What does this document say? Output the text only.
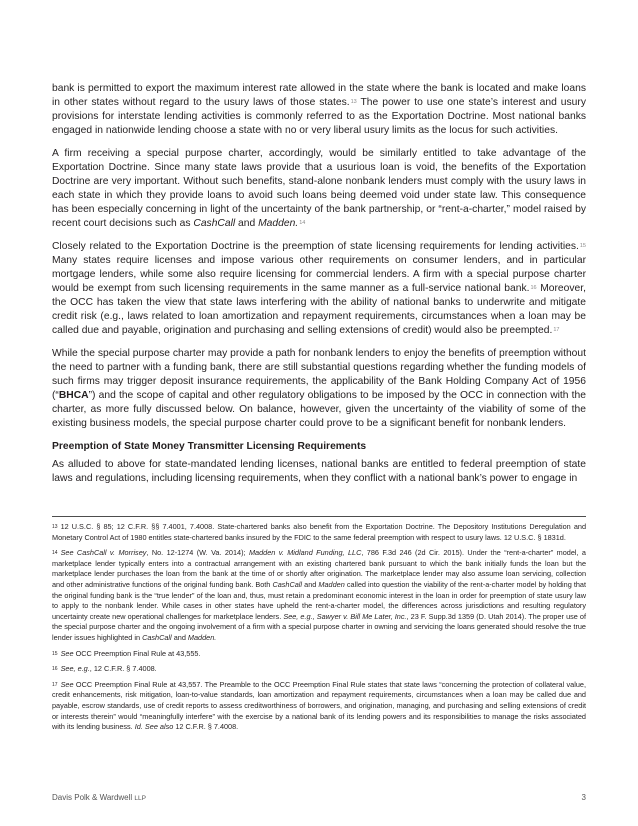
bank is permitted to export the maximum interest rate allowed in the state where the bank is located and make loans in other states without regard to the usury laws of those states.$^{13}$ The power to use one state’s interest and usury provisions for interstate lending activities is commonly referred to as the Exportation Doctrine. Most national banks engaged in nationwide lending choose a state with no or very liberal usury limits as the locus for such activities.

A firm receiving a special purpose charter, accordingly, would be similarly entitled to take advantage of the Exportation Doctrine. Since many state laws provide that a usurious loan is void, the benefits of the Exportation Doctrine are very important. Without such benefits, stand-alone nonbank lenders must comply with the usury laws in each state in which they provide loans to avoid such loans being deemed void under state law. This consequence has been especially concerning in light of the uncertainty of the bank partnership, or “rent-a-charter,” model raised by recent court decisions such as CashCall and Madden.$^{14}$

Closely related to the Exportation Doctrine is the preemption of state licensing requirements for lending activities.$^{15}$ Many states require licenses and impose various other requirements on consumer lenders, and in particular mortgage lenders, while some also require licensing for commercial lenders. A firm with a special purpose charter would be exempt from such licensing requirements in the same manner as a full-service national bank.$^{16}$ Moreover, the OCC has taken the view that state laws interfering with the ability of national banks to underwrite and mitigate credit risk (e.g., laws related to loan amortization and repayment requirements, circumstances when a loan may be called due and payable, origination and purchasing and selling extensions of credit) would also be preempted.$^{17}$

While the special purpose charter may provide a path for nonbank lenders to enjoy the benefits of preemption without the need to partner with a funding bank, there are still substantial questions regarding whether the funding models of such firms may trigger deposit insurance requirements, the applicability of the Bank Holding Company Act of 1956 (“BHCA”) and the scope of capital and other regulatory obligations to be imposed by the OCC in connection with the charter, as more fully discussed below. On balance, however, given the uncertainty of the viability of some of the existing business models, the special purpose charter could prove to be a significant benefit for nonbank lenders.

Preemption of State Money Transmitter Licensing Requirements

As alluded to above for state-mandated lending licenses, national banks are entitled to federal preemption of state laws and regulations, including licensing requirements, when they conflict with a national bank’s power to engage in

$^{13}$ 12 U.S.C. § 85; 12 C.F.R. §§ 7.4001, 7.4008. State-chartered banks also benefit from the Exportation Doctrine. The Depository Institutions Deregulation and Monetary Control Act of 1980 entitles state-chartered banks insured by the FDIC to the same federal preemption with respect to usury laws. 12 U.S.C. § 1831d.

$^{14}$ See CashCall v. Morrisey, No. 12-1274 (W. Va. 2014); Madden v. Midland Funding, LLC, 786 F.3d 246 (2d Cir. 2015). Under the “rent-a-charter” model, a marketplace lender typically enters into a contractual arrangement with an existing chartered bank pursuant to which the bank initially funds the loan but the marketplace lender purchases the loan from the bank at the time of or shortly after origination. The marketplace lender may also assume loan servicing, collection and other administrative functions of the original funding bank. Both CashCall and Madden called into question the viability of the rent-a-charter model by holding that the original funding bank is the “true lender” of the loan and, thus, must retain a predominant economic interest in the loan in order for preemption of state usury law to apply to the nonbank lender. While cases in other states have upheld the rent-a-charter model, the differences across jurisdictions and resulting regulatory uncertainty create new operational challenges for marketplace lenders. See, e.g., Sawyer v. Bill Me Later, Inc., 23 F. Supp.3d 1359 (D. Utah 2014). The proper use of the special purpose charter and the ongoing involvement of a firm with a special purpose charter in owning and servicing the loans generated should resolve the true lender issues highlighted in CashCall and Madden.

$^{15}$ See OCC Preemption Final Rule at 43,555.

$^{16}$ See, e.g., 12 C.F.R. § 7.4008.

$^{17}$ See OCC Preemption Final Rule at 43,557. The Preamble to the OCC Preemption Final Rule states that state laws “concerning the protection of collateral value, credit enhancements, risk mitigation, loan-to-value standards, loan amortization and repayment requirements, circumstances when a loan may be called due and payable, escrow standards, use of credit reports to assess creditworthiness of borrowers, and origination, managing, and purchasing and selling extensions of credit or interests therein” would “meaningfully interfere” with the exercise by a national bank of its lending powers and its responsibilities to manage the risks associated with its lending business. Id. See also 12 C.F.R. § 7.4008.

Davis Polk & Wardwell LLP	3
